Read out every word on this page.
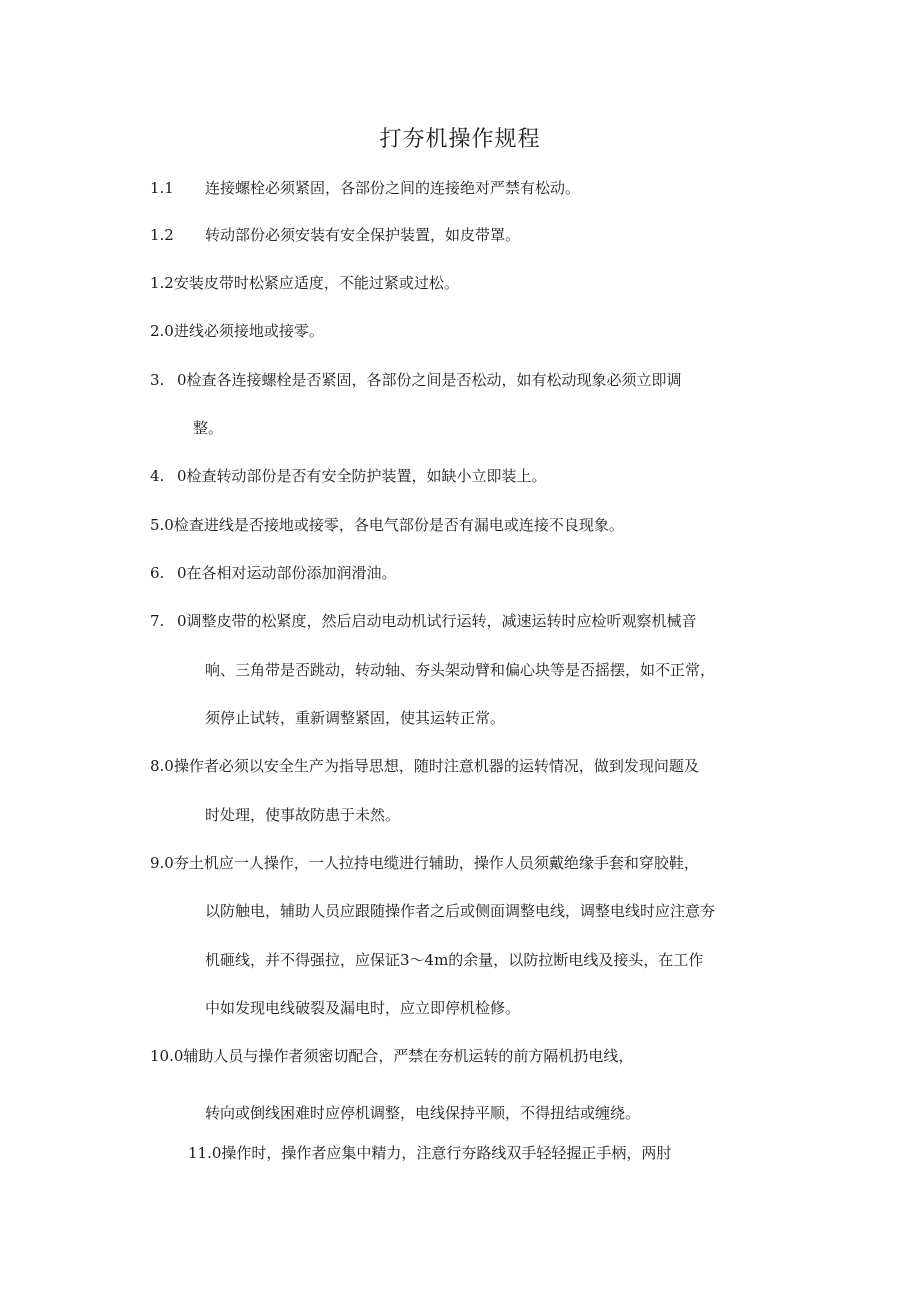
打夯机操作规程
1.1 连接螺栓必须紧固，各部份之间的连接绝对严禁有松动。
1.2 转动部份必须安装有安全保护装置，如皮带罩。
1.2安装皮带时松紧应适度，不能过紧或过松。
2.0进线必须接地或接零。
3. 0检查各连接螺栓是否紧固，各部份之间是否松动，如有松动现象必须立即调
整。
4. 0检查转动部份是否有安全防护装置，如缺小立即装上。
5.0检查进线是否接地或接零，各电气部份是否有漏电或连接不良现象。
6. 0在各相对运动部份添加润滑油。
7. 0调整皮带的松紧度，然后启动电动机试行运转，减速运转时应检听观察机械音
响、三角带是否跳动，转动轴、夯头架动臂和偏心块等是否摇摆，如不正常，
须停止试转，重新调整紧固，使其运转正常。
8.0操作者必须以安全生产为指导思想，随时注意机器的运转情况，做到发现问题及
时处理，使事故防患于未然。
9.0夯土机应一人操作，一人拉持电缆进行辅助，操作人员须戴绝缘手套和穿胶鞋，
以防触电，辅助人员应跟随操作者之后或侧面调整电线，调整电线时应注意夯
机砸线，并不得强拉，应保证3～4m的余量，以防拉断电线及接头，在工作
中如发现电线破裂及漏电时，应立即停机检修。
10.0辅助人员与操作者须密切配合，严禁在夯机运转的前方隔机扔电线，
转向或倒线困难时应停机调整，电线保持平顺，不得扭结或缠绕。
11.0操作时，操作者应集中精力，注意行夯路线双手轻轻握正手柄，两肘
